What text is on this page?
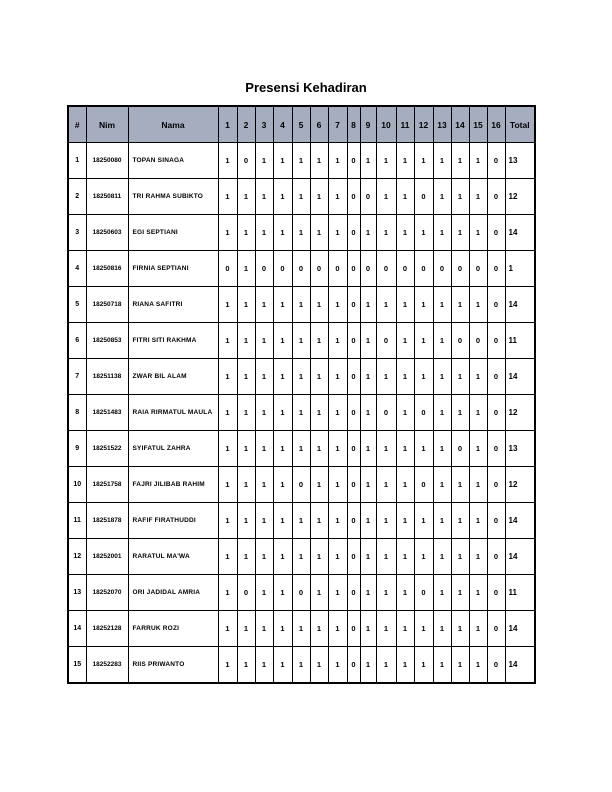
Presensi Kehadiran
#	Nim	Nama	1	2	3	4	5	6	7	8	9	10	11	12	13	14	15	16	Total
1	18250080	TOPAN SINAGA	1	0	1	1	1	1	1	0	1	1	1	1	1	1	1	0	13
2	18250811	TRI RAHMA SUBIKTO	1	1	1	1	1	1	1	0	0	1	1	0	1	1	1	0	12
3	18250603	EGI SEPTIANI	1	1	1	1	1	1	1	0	1	1	1	1	1	1	1	0	14
4	18250816	FIRNIA SEPTIANI	0	1	0	0	0	0	0	0	0	0	0	0	0	0	0	0	1
5	18250718	RIANA SAFITRI	1	1	1	1	1	1	1	0	1	1	1	1	1	1	1	0	14
6	18250853	FITRI SITI RAKHMA	1	1	1	1	1	1	1	0	1	0	1	1	1	0	0	0	11
7	18251138	ZWAR BIL ALAM	1	1	1	1	1	1	1	0	1	1	1	1	1	1	1	0	14
8	18251483	RAIA RIRMATUL MAULA	1	1	1	1	1	1	1	0	1	0	1	0	1	1	1	0	12
9	18251522	SYIFATUL ZAHRA	1	1	1	1	1	1	1	0	1	1	1	1	1	0	1	0	13
10	18251758	FAJRI JILIBAB RAHIM	1	1	1	1	0	1	1	0	1	1	1	0	1	1	1	0	12
11	18251878	RAFIF FIRATHUDDI	1	1	1	1	1	1	1	0	1	1	1	1	1	1	1	0	14
12	18252001	RARATUL MA'WA	1	1	1	1	1	1	1	0	1	1	1	1	1	1	1	0	14
13	18252070	ORI JADIDAL AMRIA	1	0	1	1	0	1	1	0	1	1	1	0	1	1	1	0	11
14	18252128	FARRUK ROZI	1	1	1	1	1	1	1	0	1	1	1	1	1	1	1	0	14
15	18252283	RIIS PRIWANTO	1	1	1	1	1	1	1	0	1	1	1	1	1	1	1	0	14
